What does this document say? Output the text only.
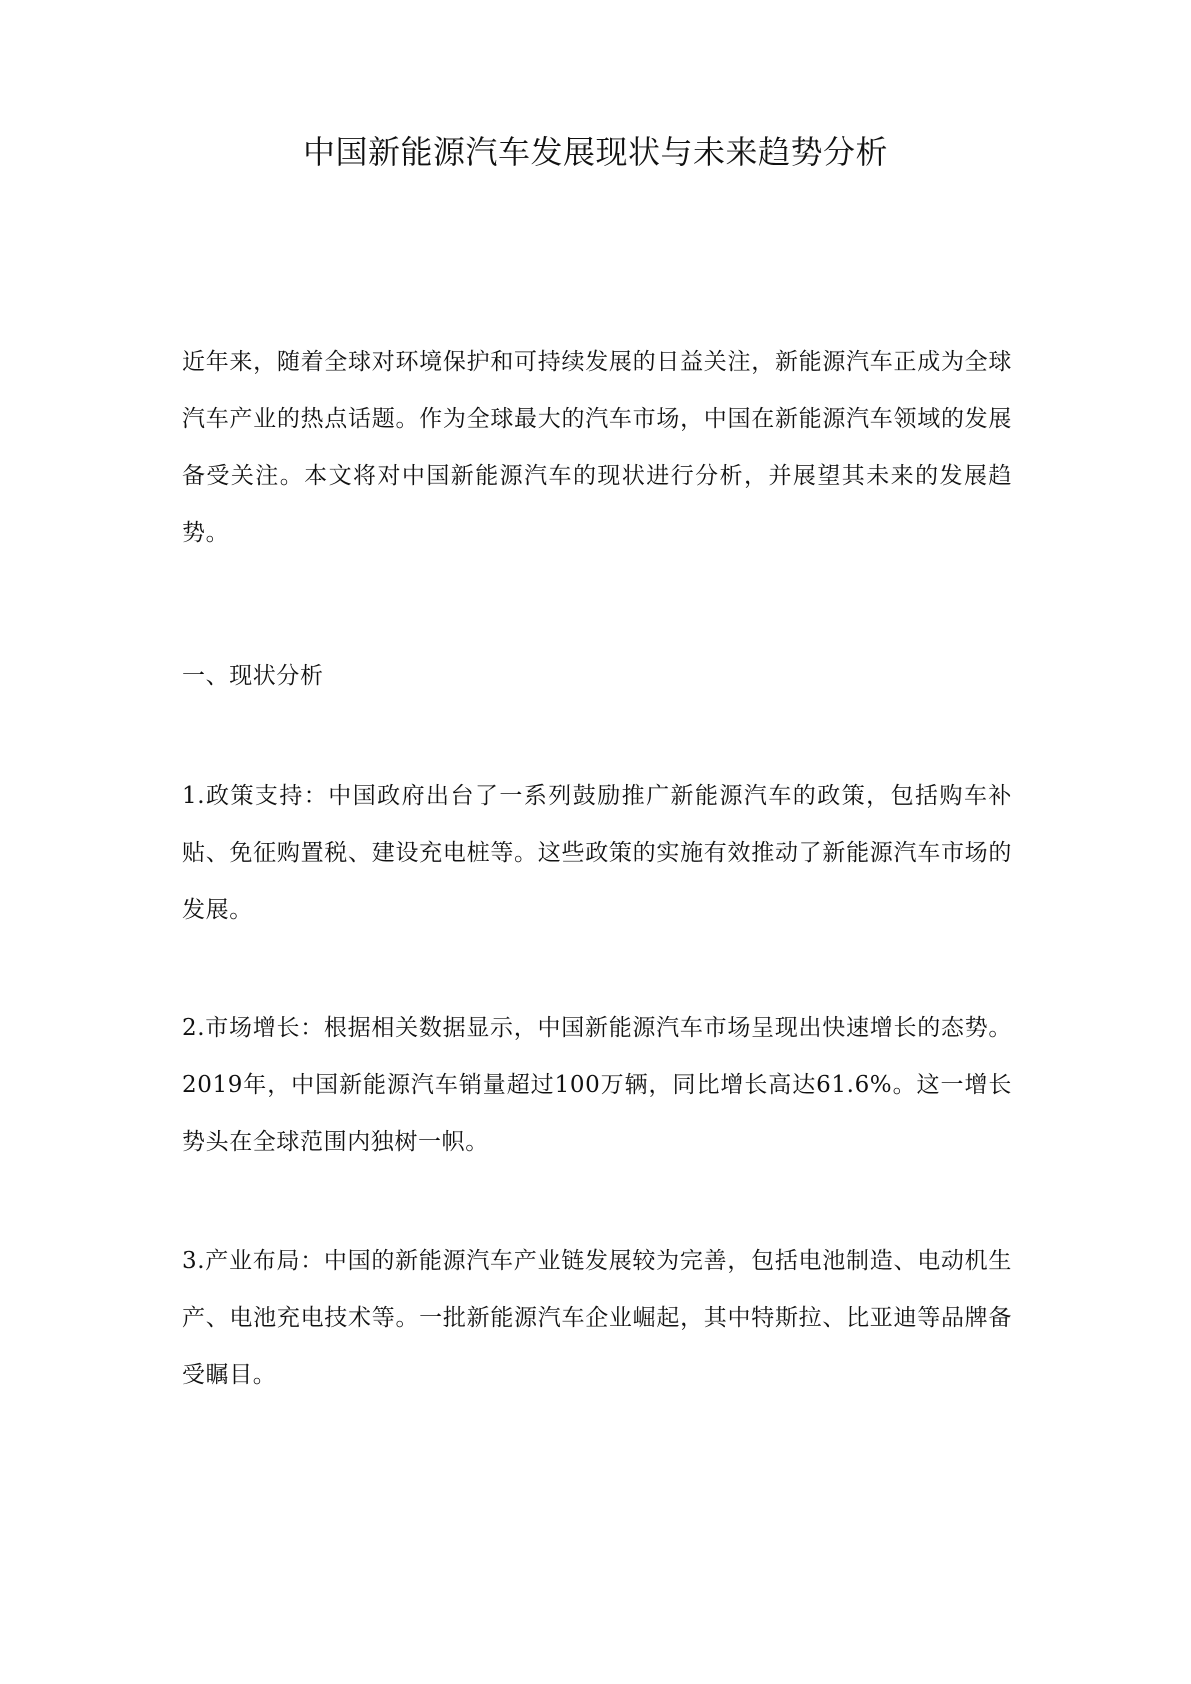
中国新能源汽车发展现状与未来趋势分析

近年来，随着全球对环境保护和可持续发展的日益关注，新能源汽车正成为全球汽车产业的热点话题。作为全球最大的汽车市场，中国在新能源汽车领域的发展备受关注。本文将对中国新能源汽车的现状进行分析，并展望其未来的发展趋势。

一、现状分析

1.政策支持：中国政府出台了一系列鼓励推广新能源汽车的政策，包括购车补贴、免征购置税、建设充电桩等。这些政策的实施有效推动了新能源汽车市场的发展。

2.市场增长：根据相关数据显示，中国新能源汽车市场呈现出快速增长的态势。2019年，中国新能源汽车销量超过100万辆，同比增长高达61.6%。这一增长势头在全球范围内独树一帜。

3.产业布局：中国的新能源汽车产业链发展较为完善，包括电池制造、电动机生产、电池充电技术等。一批新能源汽车企业崛起，其中特斯拉、比亚迪等品牌备受瞩目。
